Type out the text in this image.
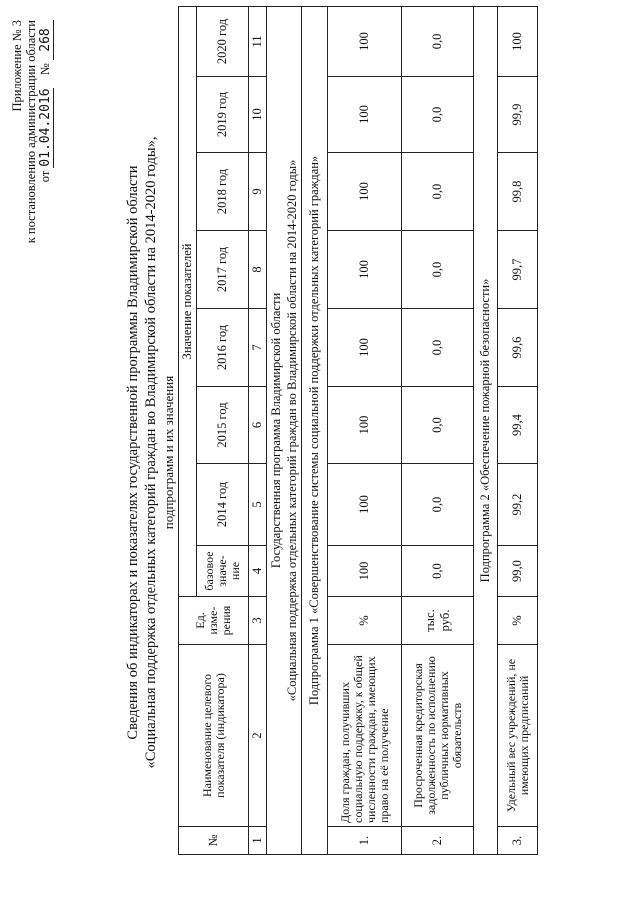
Приложение № 3 к постановлению администрации области от 01.04.2016    № 268
Сведения об индикаторах и показателях государственной программы Владимирской области «Социальная поддержка отдельных категорий граждан во Владимирской области на 2014-2020 годы», подпрограмм и их значения
№	Наименование целевого показателя (индикатора)	Ед. изме-рения	Значение показателей							
			базовое значе-ние	2014 год	2015 год	2016 год	2017 год	2018 год	2019 год	2020 год
1	2	3	4	5	6	7	8	9	10	11

Государственная программа Владимирской области «Социальная поддержка отдельных категорий граждан во Владимирской области на 2014-2020 годы»										

Подпрограмма 1 «Совершенствование системы социальной поддержки отдельных категорий граждан»										
1.	Доля граждан, получивших социальную поддержку, к общей численности граждан, имеющих право на её получение	%	100	100	100	100	100	100	100	100
2.	Просроченная кредиторская задолженность по исполнению публичных нормативных обязательств	тыс. руб.	0,0	0,0	0,0	0,0	0,0	0,0	0,0	0,0
Подпрограмма 2 «Обеспечение пожарной безопасности»										
3.	Удельный вес учреждений, не имеющих предписаний	%	99,0	99,2	99,4	99,6	99,7	99,8	99,9	100
